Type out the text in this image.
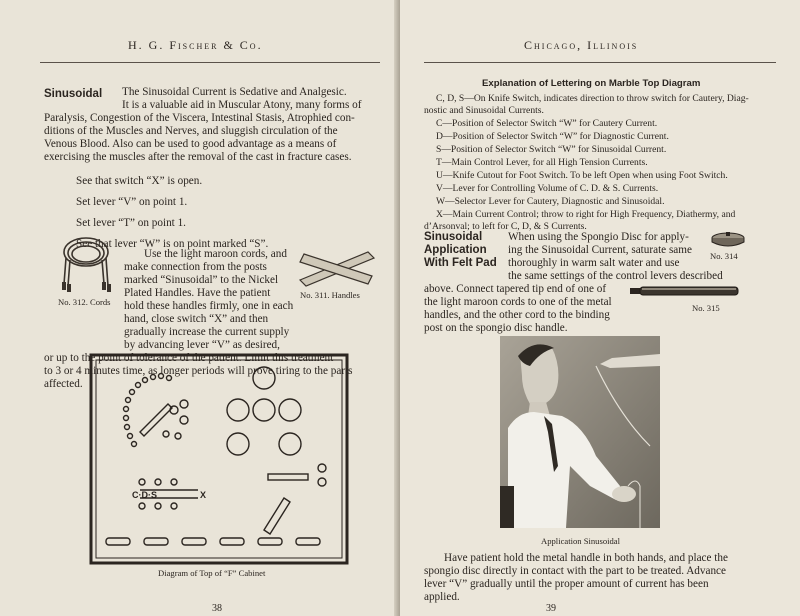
H. G. Fischer & Co.
Sinusoidal The Sinusoidal Current is Sedative and Analgesic.
It is a valuable aid in Muscular Atony, many forms of
Paralysis, Congestion of the Viscera, Intestinal Stasis, Atrophied con-
ditions of the Muscles and Nerves, and sluggish circulation of the
Venous Blood. Also can be used to good advantage as a means of
exercising the muscles after the removal of the cast in fracture cases.
See that switch “X” is open.
Set lever “V” on point 1.
Set lever “T” on point 1.
See that lever “W” is on point marked “S”.
No. 312. Cords
Use the light maroon cords, and
make connection from the posts
marked “Sinusoidal” to the Nickel
Plated Handles. Have the patient
hold these handles firmly, one in each
hand, close switch “X” and then
gradually increase the current supply
by advancing lever “V” as desired,
No. 311. Handles
or up to the point of tolerance of the patient. Limit this treatment
to 3 or 4 minutes time, as longer periods will prove tiring to the parts
affected.
C·D·S	X
Diagram of Top of “F” Cabinet
38
Chicago, Illinois
Explanation of Lettering on Marble Top Diagram
C, D, S—On Knife Switch, indicates direction to throw switch for Cautery, Diag-
nostic and Sinusoidal Currents.
C—Position of Selector Switch “W” for Cautery Current.
D—Position of Selector Switch “W” for Diagnostic Current.
S—Position of Selector Switch “W” for Sinusoidal Current.
T—Main Control Lever, for all High Tension Currents.
U—Knife Cutout for Foot Switch. To be left Open when using Foot Switch.
V—Lever for Controlling Volume of C. D. & S. Currents.
W—Selector Lever for Cautery, Diagnostic and Sinusoidal.
X—Main Current Control; throw to right for High Frequency, Diathermy, and
d’Arsonval; to left for C, D, & S Currents.
Sinusoidal
Application
With Felt Pad
When using the Spongio Disc for apply-
ing the Sinusoidal Current, saturate same
thoroughly in warm salt water and use
the same settings of the control levers described
No. 314
above. Connect tapered tip end of one of
the light maroon cords to one of the metal
handles, and the other cord to the binding
post on the spongio disc handle.
No. 315
Application Sinusoidal
Have patient hold the metal handle in both hands, and place the
spongio disc directly in contact with the part to be treated. Advance
lever “V” gradually until the proper amount of current has been
applied.
39
